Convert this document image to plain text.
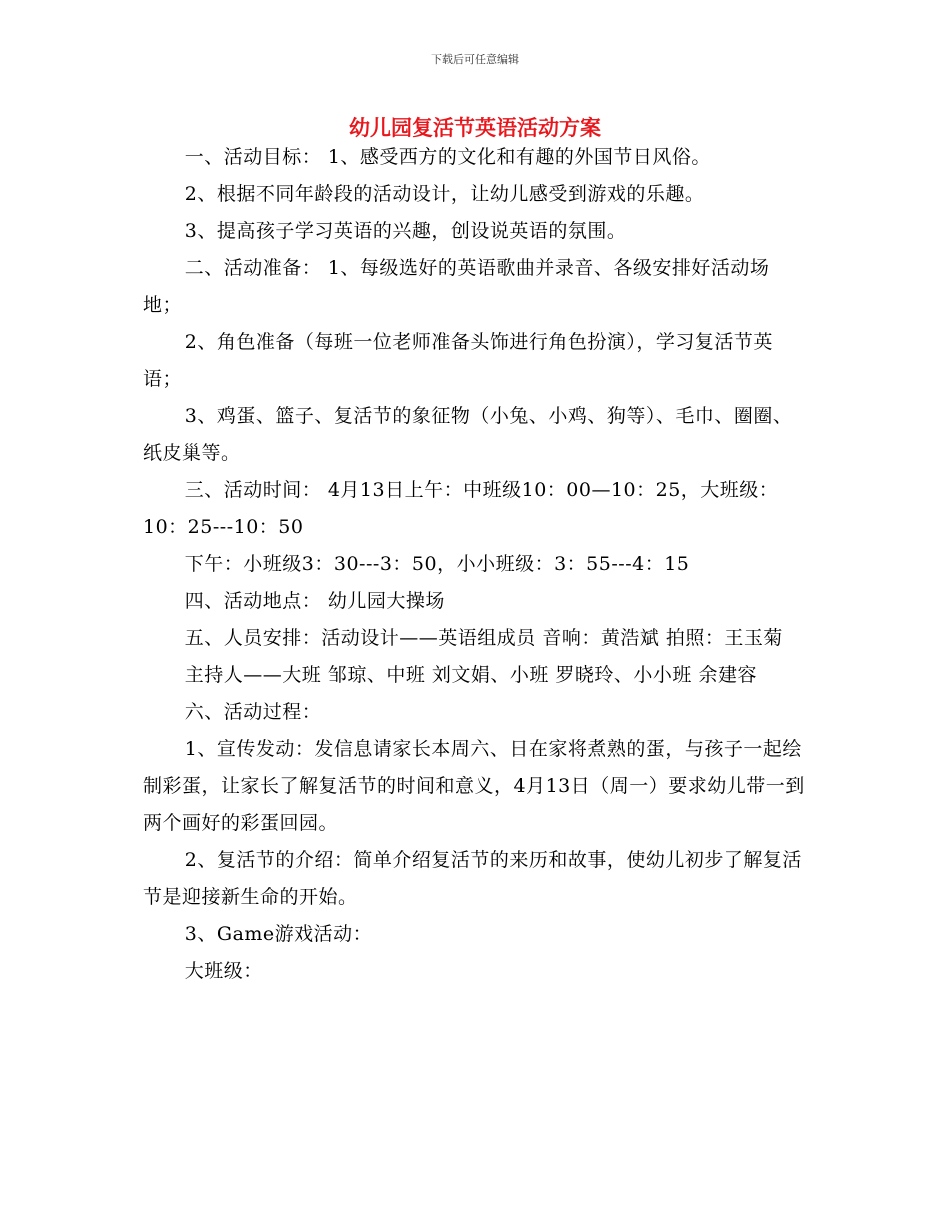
下载后可任意编辑
幼儿园复活节英语活动方案

一、活动目标： 1、感受西方的文化和有趣的外国节日风俗。

2、根据不同年龄段的活动设计，让幼儿感受到游戏的乐趣。

3、提高孩子学习英语的兴趣，创设说英语的氛围。

二、活动准备： 1、每级选好的英语歌曲并录音、各级安排好活动场地；

2、角色准备（每班一位老师准备头饰进行角色扮演），学习复活节英语；

3、鸡蛋、篮子、复活节的象征物（小兔、小鸡、狗等）、毛巾、圈圈、纸皮巢等。

三、活动时间： 4月13日上午：中班级10：00—10：25，大班级：10：25---10：50

下午：小班级3：30---3：50，小小班级：3：55---4：15

四、活动地点： 幼儿园大操场

五、人员安排：活动设计——英语组成员 音响：黄浩斌 拍照：王玉菊

主持人——大班 邹琼、中班 刘文娟、小班 罗晓玲、小小班 余建容

六、活动过程：

1、宣传发动：发信息请家长本周六、日在家将煮熟的蛋，与孩子一起绘制彩蛋，让家长了解复活节的时间和意义，4月13日（周一）要求幼儿带一到两个画好的彩蛋回园。

2、复活节的介绍：简单介绍复活节的来历和故事，使幼儿初步了解复活节是迎接新生命的开始。

3、Game游戏活动：

大班级：
